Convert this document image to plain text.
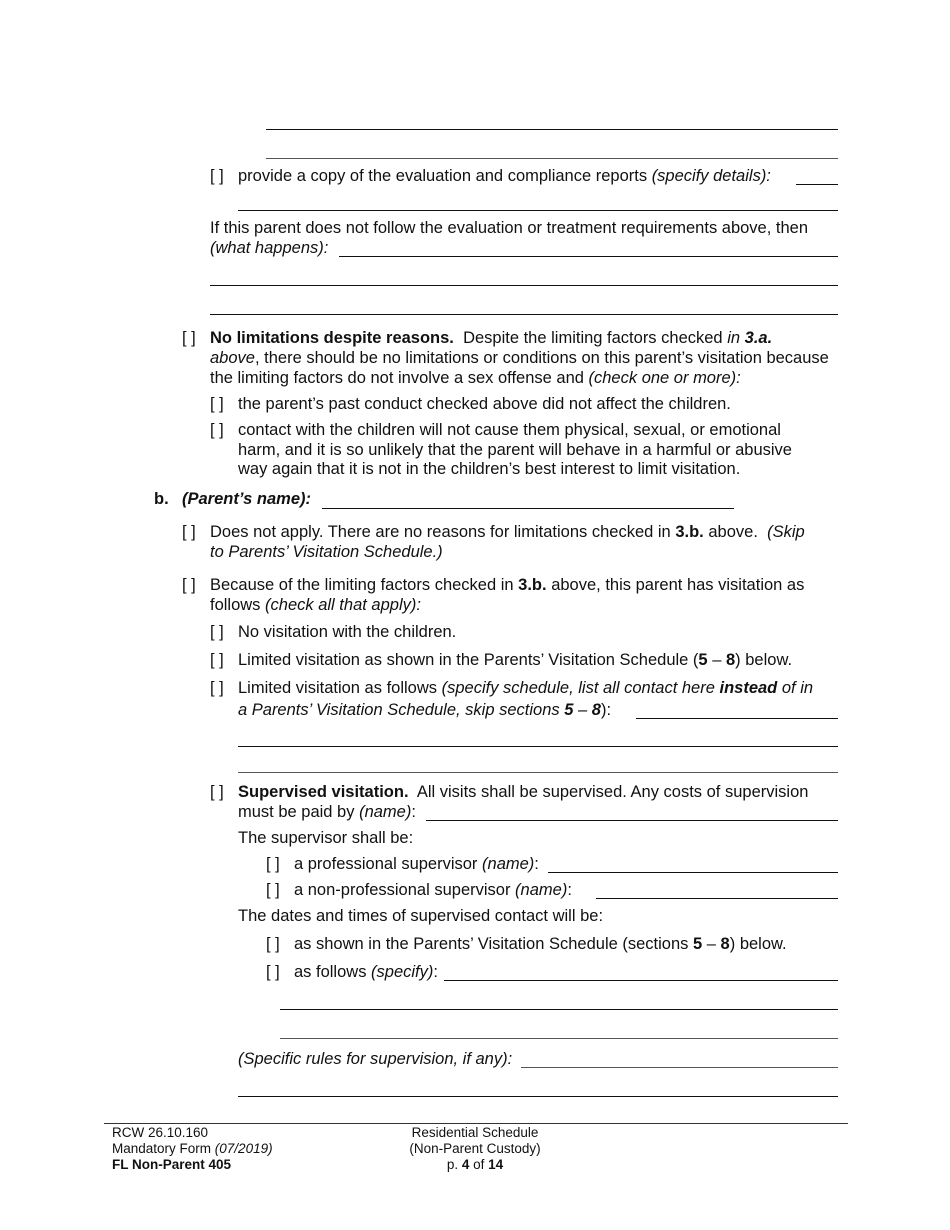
[ ] provide a copy of the evaluation and compliance reports (specify details):
If this parent does not follow the evaluation or treatment requirements above, then
(what happens):
[ ] No limitations despite reasons. Despite the limiting factors checked in 3.a.
above, there should be no limitations or conditions on this parent’s visitation because
the limiting factors do not involve a sex offense and (check one or more):
[ ] the parent’s past conduct checked above did not affect the children.
[ ] contact with the children will not cause them physical, sexual, or emotional
harm, and it is so unlikely that the parent will behave in a harmful or abusive
way again that it is not in the children’s best interest to limit visitation.
b. (Parent’s name):
[ ] Does not apply. There are no reasons for limitations checked in 3.b. above. (Skip
to Parents’ Visitation Schedule.)
[ ] Because of the limiting factors checked in 3.b. above, this parent has visitation as
follows (check all that apply):
[ ] No visitation with the children.
[ ] Limited visitation as shown in the Parents’ Visitation Schedule (5 – 8) below.
[ ] Limited visitation as follows (specify schedule, list all contact here instead of in
a Parents’ Visitation Schedule, skip sections 5 – 8):
[ ] Supervised visitation. All visits shall be supervised. Any costs of supervision
must be paid by (name):
The supervisor shall be:
[ ] a professional supervisor (name):
[ ] a non-professional supervisor (name):
The dates and times of supervised contact will be:
[ ] as shown in the Parents’ Visitation Schedule (sections 5 – 8) below.
[ ] as follows (specify):
(Specific rules for supervision, if any):
RCW 26.10.160
Mandatory Form (07/2019)
FL Non-Parent 405
Residential Schedule
(Non-Parent Custody)
p. 4 of 14
